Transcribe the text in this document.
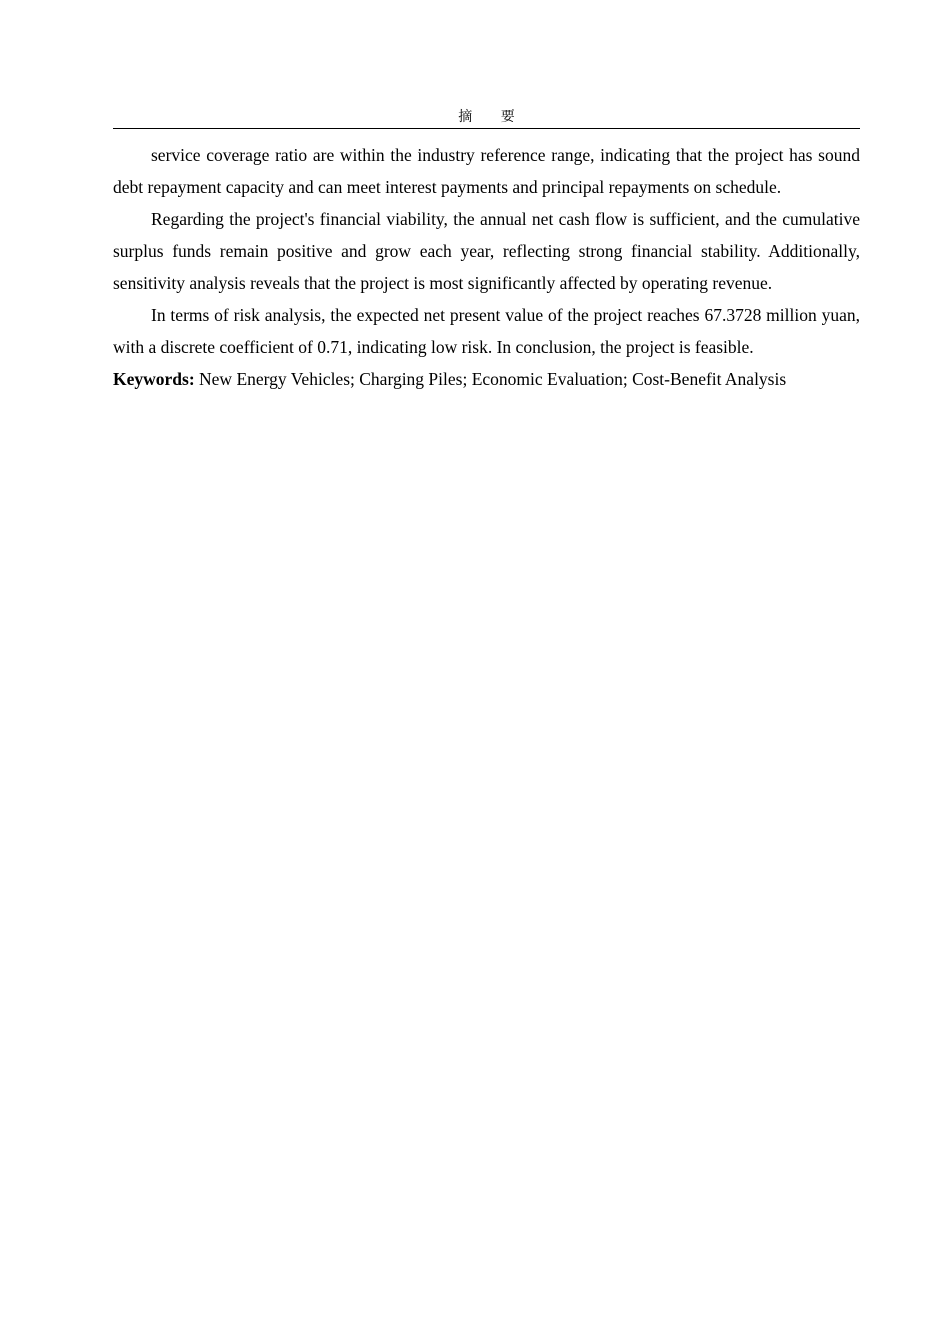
摘 要

service coverage ratio are within the industry reference range, indicating that the project has sound debt repayment capacity and can meet interest payments and principal repayments on schedule.

Regarding the project's financial viability, the annual net cash flow is sufficient, and the cumulative surplus funds remain positive and grow each year, reflecting strong financial stability. Additionally, sensitivity analysis reveals that the project is most significantly affected by operating revenue.

In terms of risk analysis, the expected net present value of the project reaches 67.3728 million yuan, with a discrete coefficient of 0.71, indicating low risk. In conclusion, the project is feasible.

Keywords: New Energy Vehicles; Charging Piles; Economic Evaluation; Cost-Benefit Analysis
